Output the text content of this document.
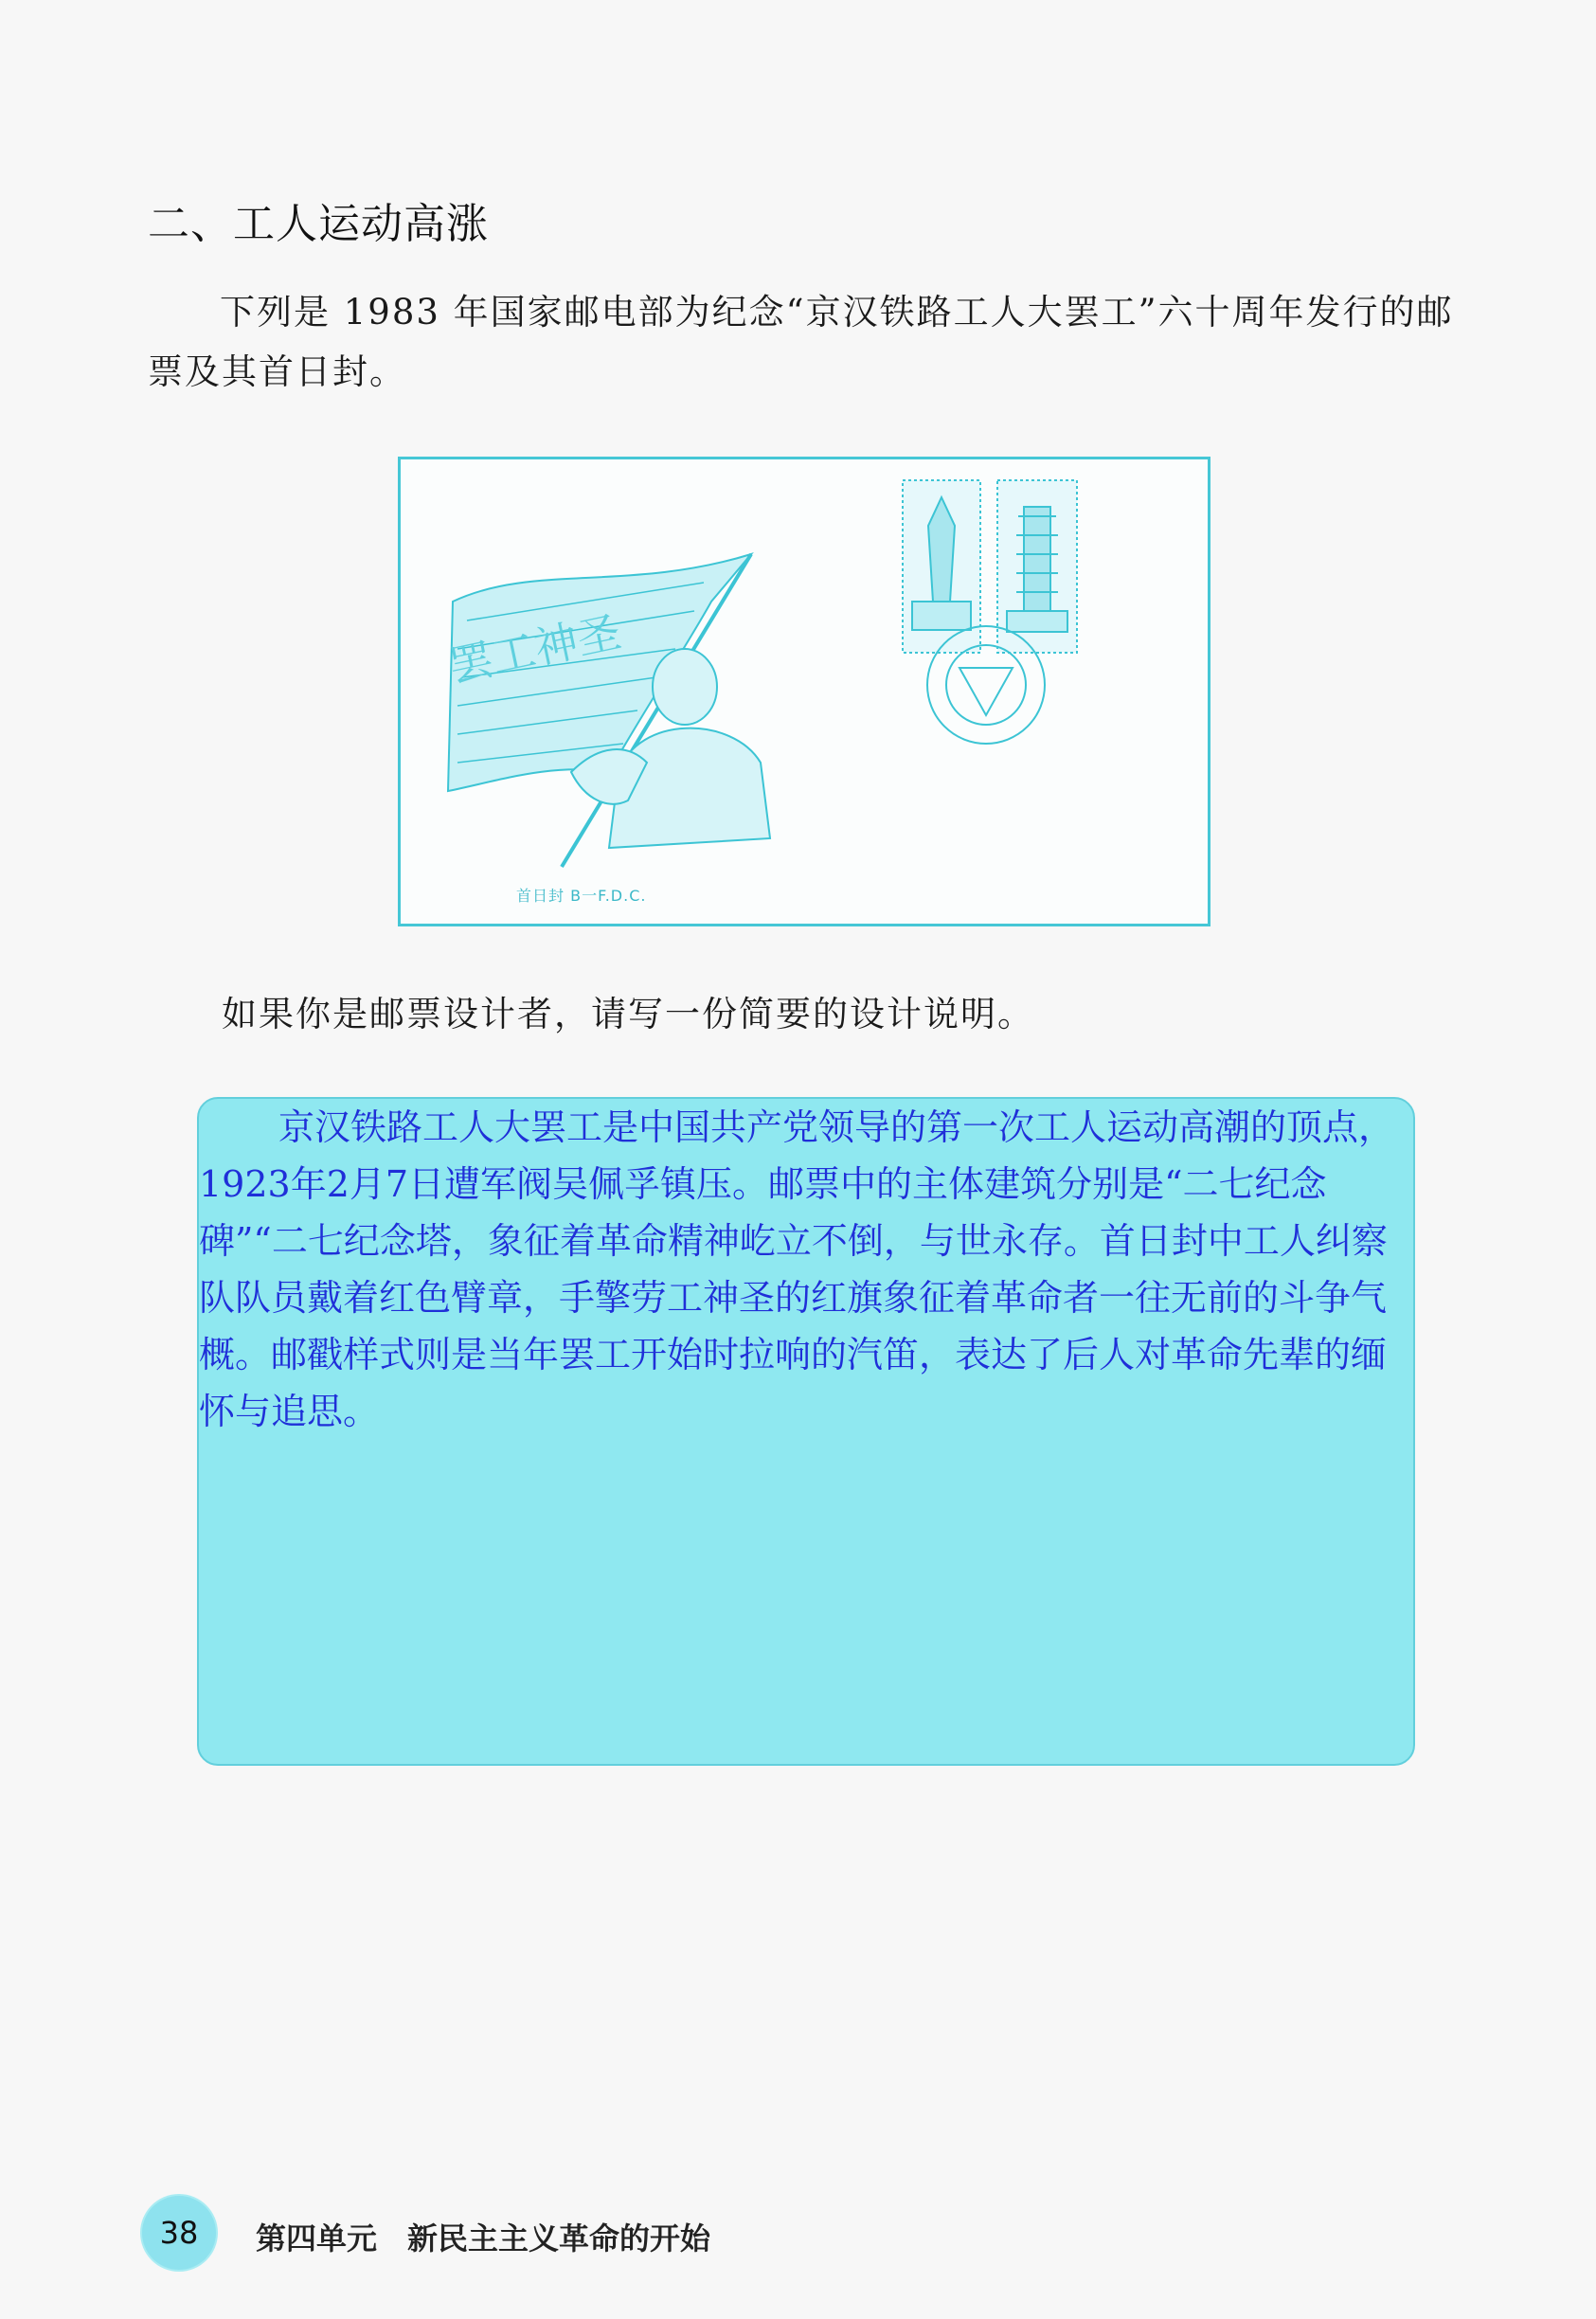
二、工人运动高涨
下列是 1983 年国家邮电部为纪念“京汉铁路工人大罢工”六十周年发行的邮票及其首日封。
罢工神圣
首日封 B一F.D.C.
如果你是邮票设计者，请写一份简要的设计说明。
京汉铁路工人大罢工是中国共产党领导的第一次工人运动高潮的顶点，1923年2月7日遭军阀吴佩孚镇压。邮票中的主体建筑分别是“二七纪念碑”“二七纪念塔，象征着革命精神屹立不倒，与世永存。首日封中工人纠察队队员戴着红色臂章，手擎劳工神圣的红旗象征着革命者一往无前的斗争气概。邮戳样式则是当年罢工开始时拉响的汽笛，表达了后人对革命先辈的缅怀与追思。
38	第四单元  新民主主义革命的开始
